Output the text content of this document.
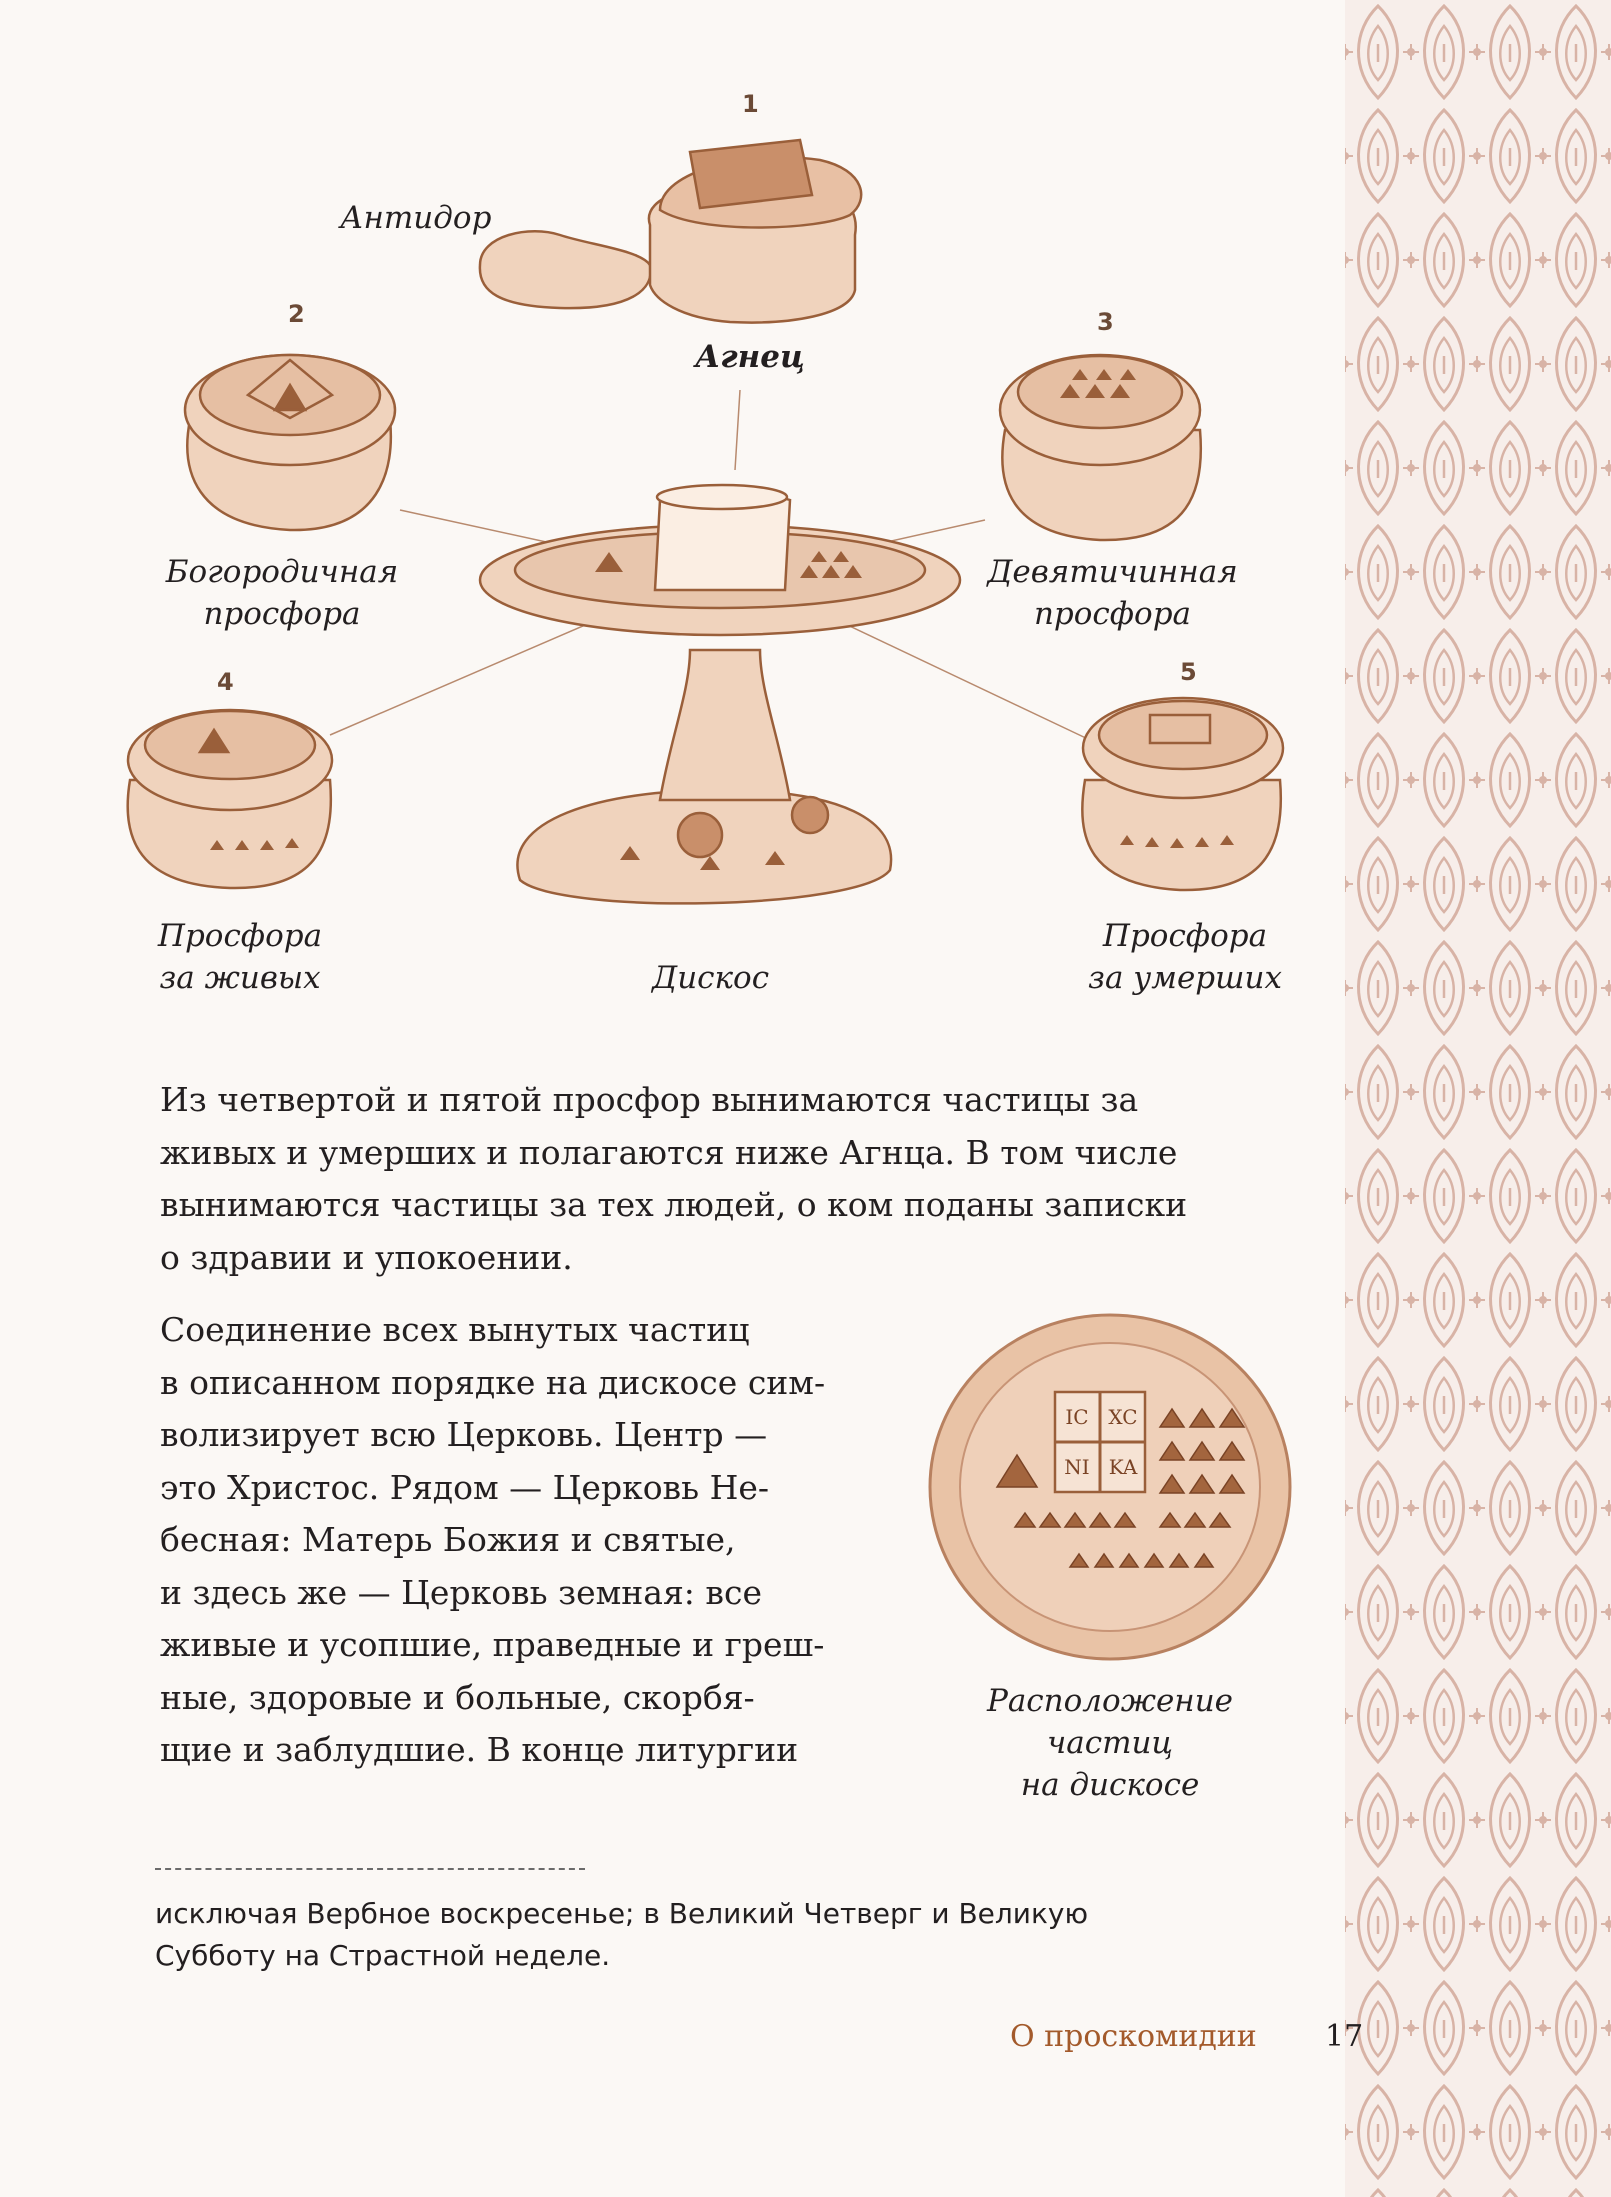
1
2	3
4	5
Антидор
Агнец
Богородичная
просфора
Девятичинная
просфора
Просфора
за живых	Дискос
Просфора
за умерших
Из четвертой и пятой просфор вынимаются частицы за
живых и умерших и полагаются ниже Агнца. В том числе
вынимаются частицы за тех людей, о ком поданы записки
о здравии и упокоении.
Соединение всех вынутых частиц
в описанном порядке на дискосе сим-
волизирует всю Церковь. Центр —
это Христос. Рядом — Церковь Не-
бесная: Матерь Божия и святые,
и здесь же — Церковь земная: все
живые и усопшие, праведные и греш-
ные, здоровые и больные, скорбя-
щие и заблудшие. В конце литургии
IC XC
NI KA
Расположение
частиц
на дискосе
исключая Вербное воскресенье; в Великий Четверг и Великую
Субботу на Страстной неделе.
О проскомидии 17
